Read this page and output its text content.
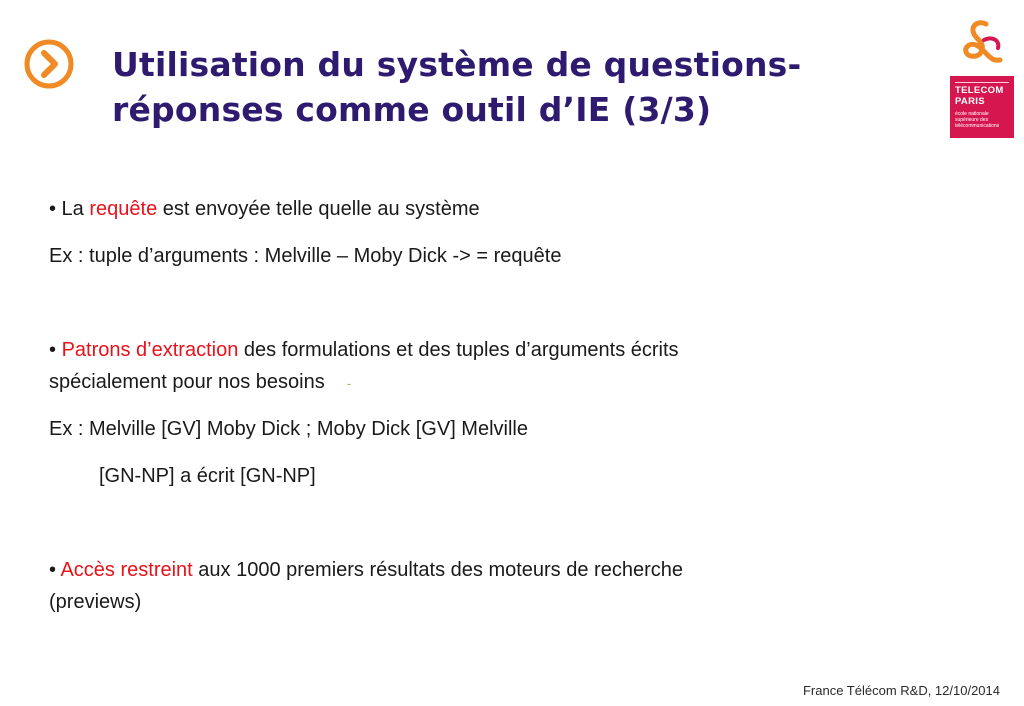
Utilisation du système de questions-
réponses comme outil d’IE (3/3)	TELECOM
PARIS
école nationale supérieure des télécommunications
• La requête est envoyée telle quelle au système
Ex : tuple d’arguments : Melville – Moby Dick -> = requête
• Patrons d’extraction des formulations et des tuples d’arguments écrits
spécialement pour nos besoins -
Ex : Melville [GV] Moby Dick ; Moby Dick [GV] Melville
[GN-NP] a écrit [GN-NP]
• Accès restreint aux 1000 premiers résultats des moteurs de recherche
(previews)
France Télécom R&D, 12/10/2014
